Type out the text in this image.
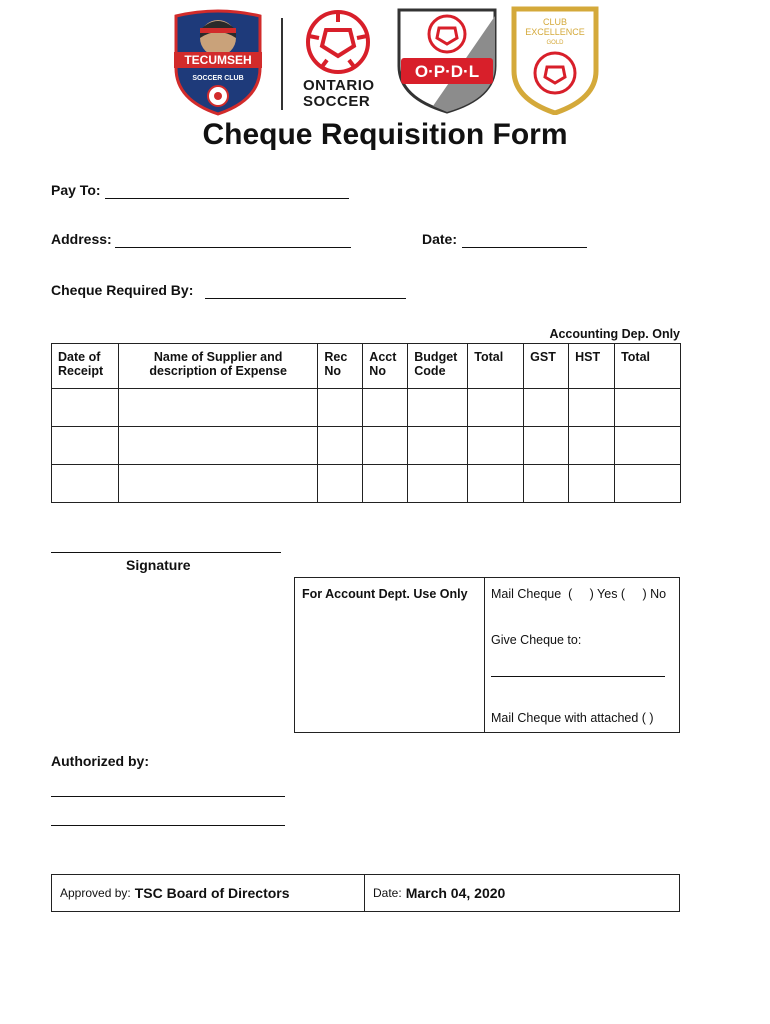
TECUMSEH
SOCCER CLUB	ONTARIO
SOCCER
O·P·D·L
CLUB
EXCELLENCE
GOLD
Cheque Requisition Form
Pay To:
Address:	Date:
Cheque Required By:
Accounting Dep. Only
Date of Receipt	Name of Supplier and description of Expense	Rec No	Acct No	Budget Code	Total	GST	HST	Total

Signature
For Account Dept. Use Only	Mail Cheque  (     ) Yes (     ) No
Give Cheque to:
Mail Cheque with attached ( )
Authorized by:
Approved by: TSC Board of Directors	Date: March 04, 2020
